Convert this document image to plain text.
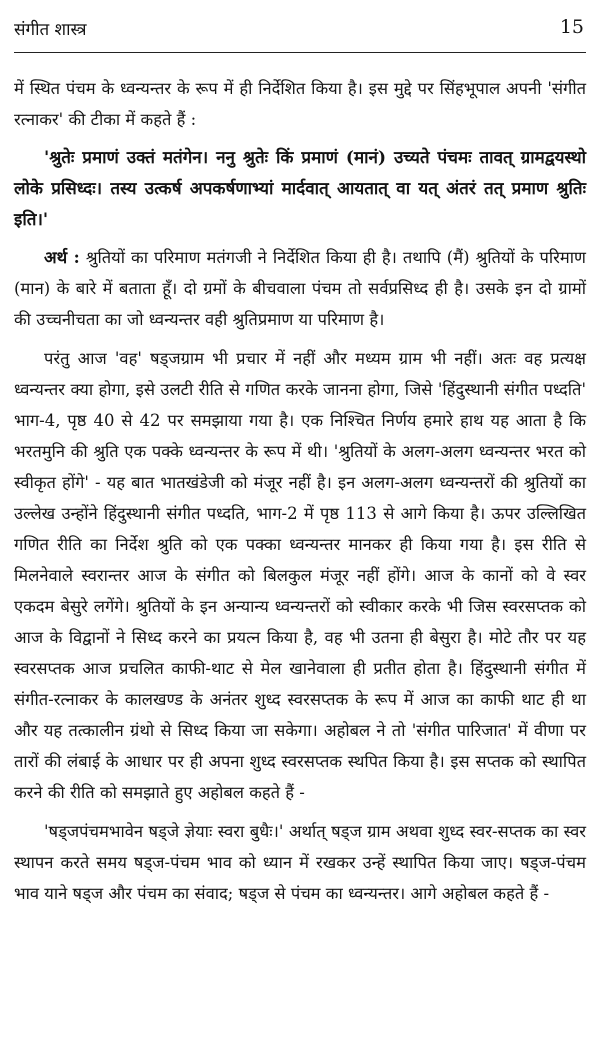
संगीत शास्त्र	15

में स्थित पंचम के ध्वन्यन्तर के रूप में ही निर्देशित किया है। इस मुद्दे पर सिंहभूपाल अपनी 'संगीत रत्नाकर' की टीका में कहते हैं :

'श्रुतेः प्रमाणं उक्तं मतंगेन। ननु श्रुतेः किं प्रमाणं (मानं) उच्यते पंचमः तावत् ग्रामद्वयस्थो लोके प्रसिध्दः। तस्य उत्कर्ष अपकर्षणाभ्यां मार्दवात् आयतात् वा यत् अंतरं तत् प्रमाण श्रुतिः इति।'

अर्थ : श्रुतियों का परिमाण मतंगजी ने निर्देशित किया ही है। तथापि (मैं) श्रुतियों के परिमाण (मान) के बारे में बताता हूँ। दो ग्रमों के बीचवाला पंचम तो सर्वप्रसिध्द ही है। उसके इन दो ग्रामों की उच्चनीचता का जो ध्वन्यन्तर वही श्रुतिप्रमाण या परिमाण है।

परंतु आज 'वह' षड्जग्राम भी प्रचार में नहीं और मध्यम ग्राम भी नहीं। अतः वह प्रत्यक्ष ध्वन्यन्तर क्या होगा, इसे उलटी रीति से गणित करके जानना होगा, जिसे 'हिंदुस्थानी संगीत पध्दति' भाग-4, पृष्ठ 40 से 42 पर समझाया गया है। एक निश्चित निर्णय हमारे हाथ यह आता है कि भरतमुनि की श्रुति एक पक्के ध्वन्यन्तर के रूप में थी। 'श्रुतियों के अलग-अलग ध्वन्यन्तर भरत को स्वीकृत होंगे' - यह बात भातखंडेजी को मंजूर नहीं है। इन अलग-अलग ध्वन्यन्तरों की श्रुतियों का उल्लेख उन्होंने हिंदुस्थानी संगीत पध्दति, भाग-2 में पृष्ठ 113 से आगे किया है। ऊपर उल्लिखित गणित रीति का निर्देश श्रुति को एक पक्का ध्वन्यन्तर मानकर ही किया गया है। इस रीति से मिलनेवाले स्वरान्तर आज के संगीत को बिलकुल मंजूर नहीं होंगे। आज के कानों को वे स्वर एकदम बेसुरे लगेंगे। श्रुतियों के इन अन्यान्य ध्वन्यन्तरों को स्वीकार करके भी जिस स्वरसप्तक को आज के विद्वानों ने सिध्द करने का प्रयत्न किया है, वह भी उतना ही बेसुरा है। मोटे तौर पर यह स्वरसप्तक आज प्रचलित काफी-थाट से मेल खानेवाला ही प्रतीत होता है। हिंदुस्थानी संगीत में संगीत-रत्नाकर के कालखण्ड के अनंतर शुध्द स्वरसप्तक के रूप में आज का काफी थाट ही था और यह तत्कालीन ग्रंथो से सिध्द किया जा सकेगा। अहोबल ने तो 'संगीत पारिजात' में वीणा पर तारों की लंबाई के आधार पर ही अपना शुध्द स्वरसप्तक स्थपित किया है। इस सप्तक को स्थापित करने की रीति को समझाते हुए अहोबल कहते हैं -

'षड्जपंचमभावेन षड्जे ज्ञेयाः स्वरा बुधैः।' अर्थात् षड्ज ग्राम अथवा शुध्द स्वर-सप्तक का स्वर स्थापन करते समय षड्ज-पंचम भाव को ध्यान में रखकर उन्हें स्थापित किया जाए। षड्ज-पंचम भाव याने षड्ज और पंचम का संवाद; षड्ज से पंचम का ध्वन्यन्तर। आगे अहोबल कहते हैं -
